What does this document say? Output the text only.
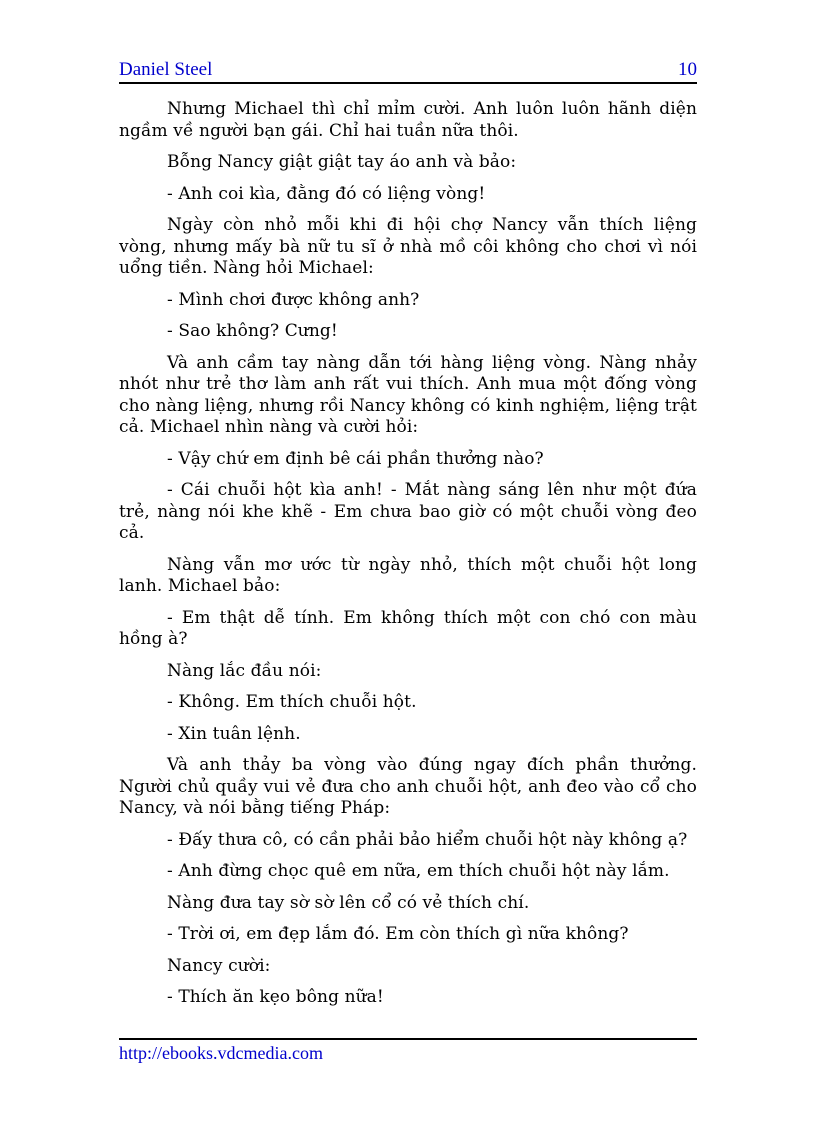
Daniel Steel	10

Nhưng Michael thì chỉ mỉm cười. Anh luôn luôn hãnh diện ngầm về người bạn gái. Chỉ hai tuần nữa thôi.

Bỗng Nancy giật giật tay áo anh và bảo:

- Anh coi kìa, đằng đó có liệng vòng!

Ngày còn nhỏ mỗi khi đi hội chợ Nancy vẫn thích liệng vòng, nhưng mấy bà nữ tu sĩ ở nhà mồ côi không cho chơi vì nói uổng tiền. Nàng hỏi Michael:

- Mình chơi được không anh?

- Sao không? Cưng!

Và anh cầm tay nàng dẫn tới hàng liệng vòng. Nàng nhảy nhót như trẻ thơ làm anh rất vui thích. Anh mua một đống vòng cho nàng liệng, nhưng rồi Nancy không có kinh nghiệm, liệng trật cả. Michael nhìn nàng và cười hỏi:

- Vậy chứ em định bê cái phần thưởng nào?

- Cái chuỗi hột kìa anh! - Mắt nàng sáng lên như một đứa trẻ, nàng nói khe khẽ - Em chưa bao giờ có một chuỗi vòng đeo cả.

Nàng vẫn mơ ước từ ngày nhỏ, thích một chuỗi hột long lanh. Michael bảo:

- Em thật dễ tính. Em không thích một con chó con màu hồng à?

Nàng lắc đầu nói:

- Không. Em thích chuỗi hột.

- Xin tuân lệnh.

Và anh thảy ba vòng vào đúng ngay đích phần thưởng. Người chủ quầy vui vẻ đưa cho anh chuỗi hột, anh đeo vào cổ cho Nancy, và nói bằng tiếng Pháp:

- Đấy thưa cô, có cần phải bảo hiểm chuỗi hột này không ạ?

- Anh đừng chọc quê em nữa, em thích chuỗi hột này lắm.

Nàng đưa tay sờ sờ lên cổ có vẻ thích chí.

- Trời ơi, em đẹp lắm đó. Em còn thích gì nữa không?

Nancy cười:

- Thích ăn kẹo bông nữa!

http://ebooks.vdcmedia.com
